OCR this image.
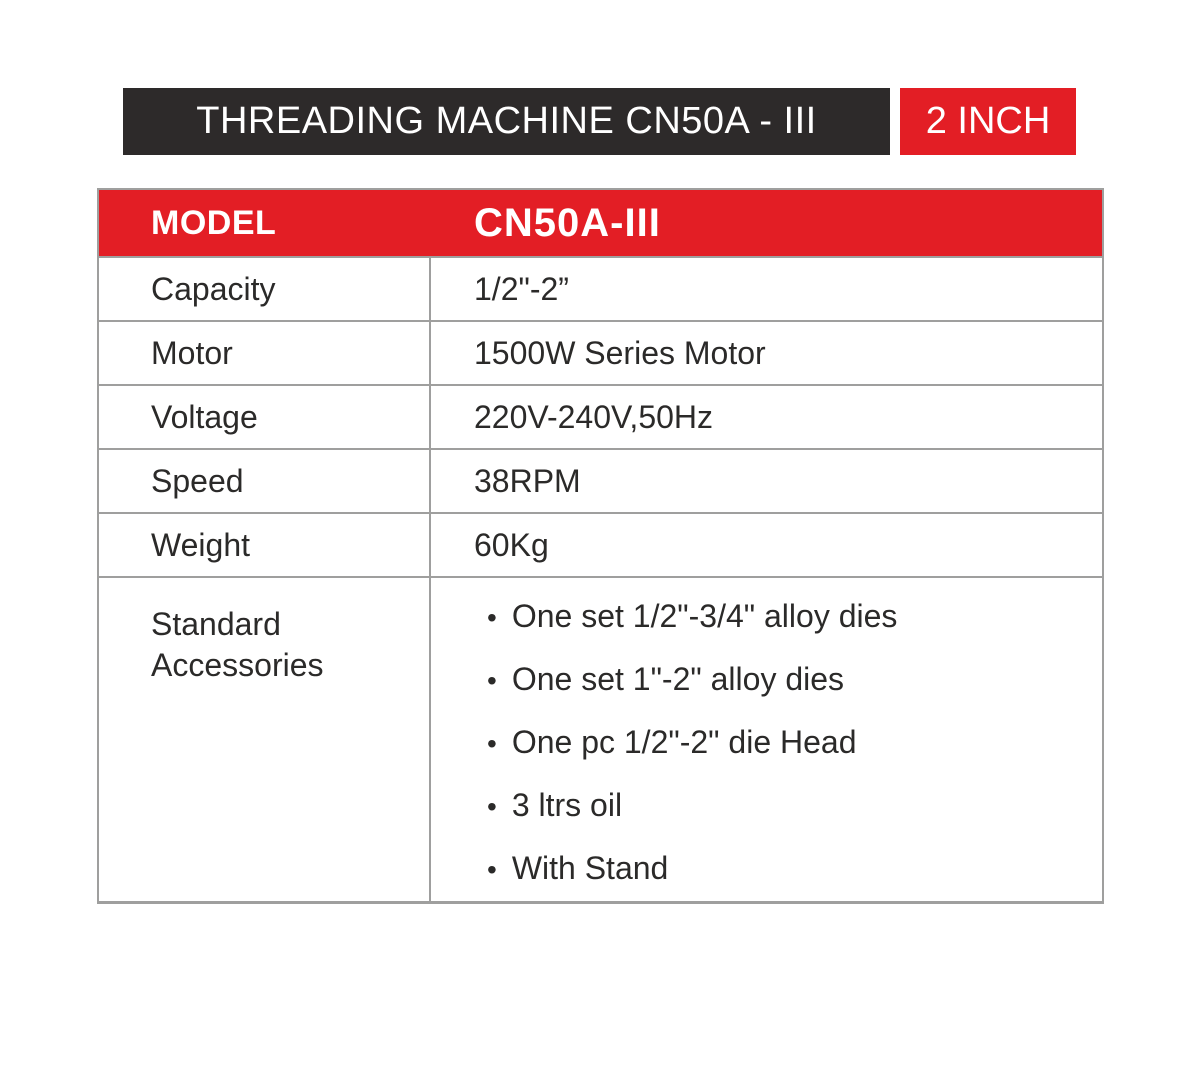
THREADING MACHINE CN50A - III	2 INCH
MODEL	CN50A-III
Capacity	1/2"-2”
Motor	1500W Series Motor
Voltage	220V-240V,50Hz
Speed	38RPM
Weight	60Kg
Standard Accessories
• One set 1/2"-3/4" alloy dies
• One set 1"-2" alloy dies
• One pc 1/2"-2" die Head
• 3 ltrs oil
• With Stand
